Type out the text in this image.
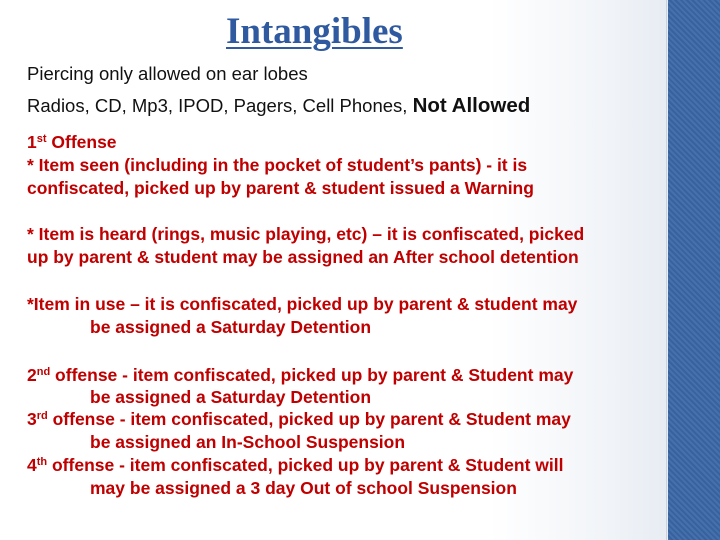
Intangibles

Piercing only allowed on ear lobes

Radios, CD, Mp3, IPOD, Pagers, Cell Phones, Not Allowed

1st Offense

* Item seen (including in the pocket of student’s pants) - it is

confiscated, picked up by parent & student issued a Warning

* Item is heard (rings, music playing, etc) – it is confiscated, picked

up by parent & student may be assigned an After school detention

*Item in use – it is confiscated, picked up by parent & student may

be assigned a Saturday Detention

2nd offense - item confiscated, picked up by parent & Student may

be assigned a Saturday Detention

3rd offense - item confiscated, picked up by parent & Student may

be assigned an In-School Suspension

4th offense - item confiscated, picked up by parent & Student will

may be assigned a 3 day Out of school Suspension
